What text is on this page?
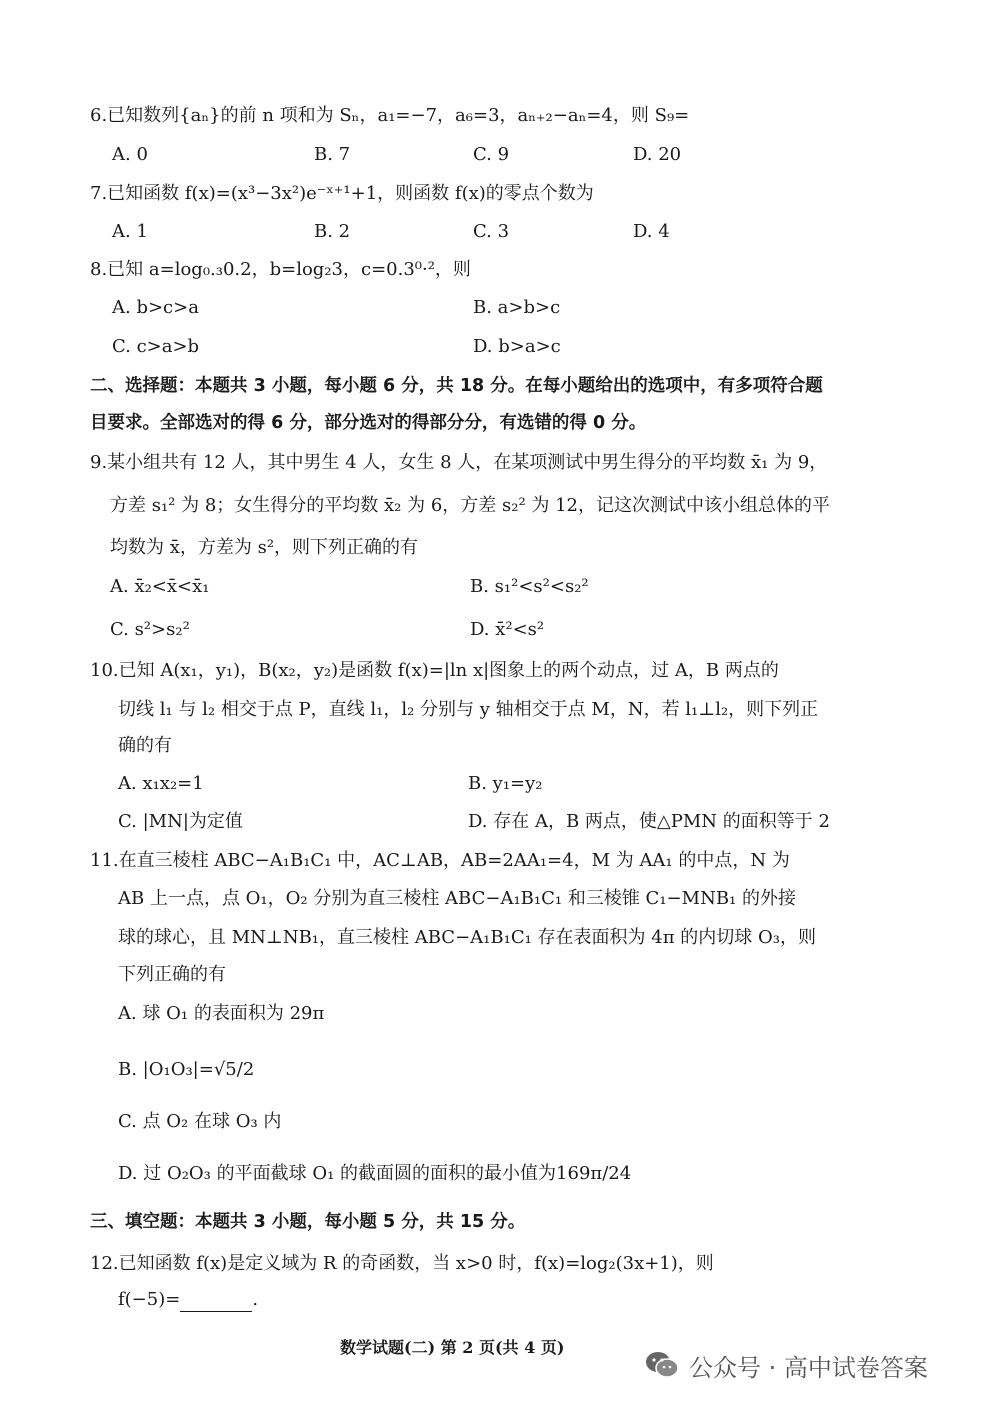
6.已知数列{aₙ}的前 n 项和为 Sₙ，a₁=−7，a₆=3，aₙ₊₂−aₙ=4，则 S₉=
A. 0	B. 7	C. 9	D. 20
7.已知函数 f(x)=(x³−3x²)e⁻ˣ⁺¹+1，则函数 f(x)的零点个数为
A. 1	B. 2	C. 3	D. 4
8.已知 a=log₀.₃0.2，b=log₂3，c=0.3⁰·²，则
A. b>c>a	B. a>b>c
C. c>a>b	D. b>a>c
二、选择题：本题共 3 小题，每小题 6 分，共 18 分。在每小题给出的选项中，有多项符合题
目要求。全部选对的得 6 分，部分选对的得部分分，有选错的得 0 分。
9.某小组共有 12 人，其中男生 4 人，女生 8 人，在某项测试中男生得分的平均数 x̄₁ 为 9，
方差 s₁² 为 8；女生得分的平均数 x̄₂ 为 6，方差 s₂² 为 12，记这次测试中该小组总体的平
均数为 x̄，方差为 s²，则下列正确的有
A. x̄₂<x̄<x̄₁	B. s₁²<s²<s₂²
C. s²>s₂²	D. x̄²<s²
10.已知 A(x₁，y₁)，B(x₂，y₂)是函数 f(x)=|ln x|图象上的两个动点，过 A，B 两点的
切线 l₁ 与 l₂ 相交于点 P，直线 l₁，l₂ 分别与 y 轴相交于点 M，N，若 l₁⊥l₂，则下列正
确的有
A. x₁x₂=1	B. y₁=y₂
C. |MN|为定值	D. 存在 A，B 两点，使△PMN 的面积等于 2
11.在直三棱柱 ABC−A₁B₁C₁ 中，AC⊥AB，AB=2AA₁=4，M 为 AA₁ 的中点，N 为
AB 上一点，点 O₁，O₂ 分别为直三棱柱 ABC−A₁B₁C₁ 和三棱锥 C₁−MNB₁ 的外接
球的球心，且 MN⊥NB₁，直三棱柱 ABC−A₁B₁C₁ 存在表面积为 4π 的内切球 O₃，则
下列正确的有
A. 球 O₁ 的表面积为 29π
B. |O₁O₃|=√5/2
C. 点 O₂ 在球 O₃ 内
D. 过 O₂O₃ 的平面截球 O₁ 的截面圆的面积的最小值为169π/24
三、填空题：本题共 3 小题，每小题 5 分，共 15 分。
12.已知函数 f(x)是定义域为 R 的奇函数，当 x>0 时，f(x)=log₂(3x+1)，则
f(−5)=	.
数学试题(二) 第 2 页(共 4 页)
公众号 · 高中试卷答案
